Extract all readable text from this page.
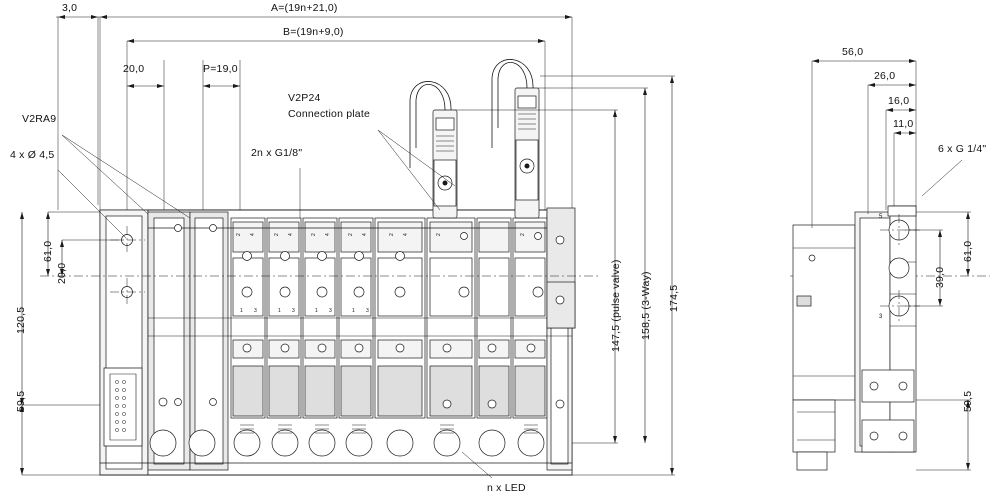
2 4	2 4	2 4	2 4	2 4	2	2
1 3	1 3	1 3	1 3
5
3
3,0	A=(19n+21,0)
B=(19n+9,0)
20,0	P=19,0
V2RA9
4 x Ø 4,5	2n x G1/8"
V2P24
Connection plate
61,0
20,0
120,5
59,5
147,5 (pulse valve) 158,5 (3-Way) 174,5
n x LED
56,0
26,0
16,0
11,0
6 x G 1/4"
39,0
61,0
59,5
